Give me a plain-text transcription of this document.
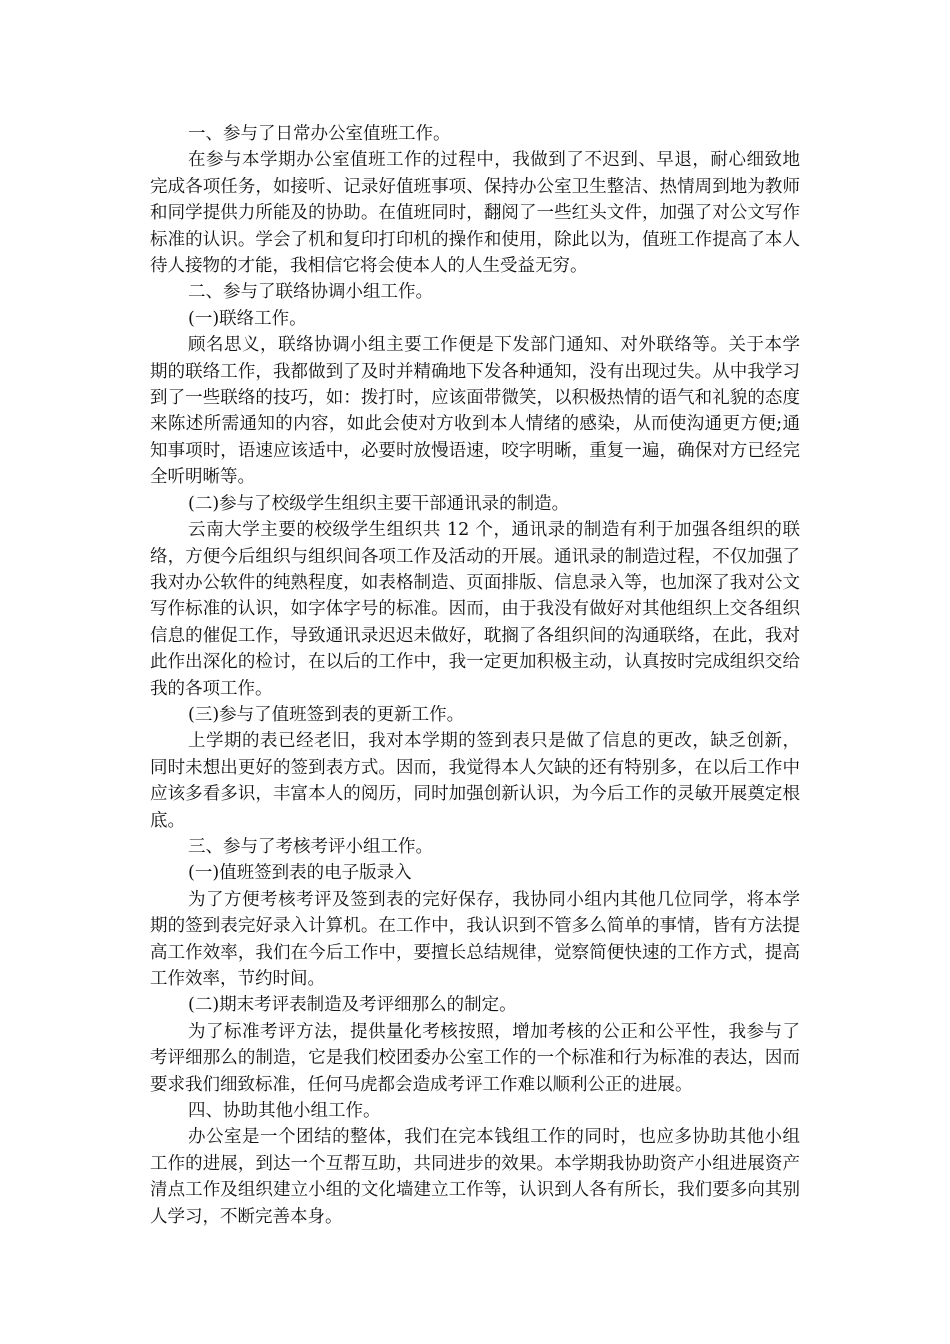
一、参与了日常办公室值班工作。

在参与本学期办公室值班工作的过程中，我做到了不迟到、早退，耐心细致地完成各项任务，如接听、记录好值班事项、保持办公室卫生整洁、热情周到地为教师和同学提供力所能及的协助。在值班同时，翻阅了一些红头文件，加强了对公文写作标准的认识。学会了机和复印打印机的操作和使用，除此以为，值班工作提高了本人待人接物的才能，我相信它将会使本人的人生受益无穷。

二、参与了联络协调小组工作。

(一)联络工作。

顾名思义，联络协调小组主要工作便是下发部门通知、对外联络等。关于本学期的联络工作，我都做到了及时并精确地下发各种通知，没有出现过失。从中我学习到了一些联络的技巧，如：拨打时，应该面带微笑，以积极热情的语气和礼貌的态度来陈述所需通知的内容，如此会使对方收到本人情绪的感染，从而使沟通更方便;通知事项时，语速应该适中，必要时放慢语速，咬字明晰，重复一遍，确保对方已经完全听明晰等。

(二)参与了校级学生组织主要干部通讯录的制造。

云南大学主要的校级学生组织共 12 个，通讯录的制造有利于加强各组织的联络，方便今后组织与组织间各项工作及活动的开展。通讯录的制造过程，不仅加强了我对办公软件的纯熟程度，如表格制造、页面排版、信息录入等，也加深了我对公文写作标准的认识，如字体字号的标准。因而，由于我没有做好对其他组织上交各组织信息的催促工作，导致通讯录迟迟未做好，耽搁了各组织间的沟通联络，在此，我对此作出深化的检讨，在以后的工作中，我一定更加积极主动，认真按时完成组织交给我的各项工作。

(三)参与了值班签到表的更新工作。

上学期的表已经老旧，我对本学期的签到表只是做了信息的更改，缺乏创新，同时未想出更好的签到表方式。因而，我觉得本人欠缺的还有特别多，在以后工作中应该多看多识，丰富本人的阅历，同时加强创新认识，为今后工作的灵敏开展奠定根底。

三、参与了考核考评小组工作。

(一)值班签到表的电子版录入

为了方便考核考评及签到表的完好保存，我协同小组内其他几位同学，将本学期的签到表完好录入计算机。在工作中，我认识到不管多么简单的事情，皆有方法提高工作效率，我们在今后工作中，要擅长总结规律，觉察简便快速的工作方式，提高工作效率，节约时间。

(二)期末考评表制造及考评细那么的制定。

为了标准考评方法，提供量化考核按照，增加考核的公正和公平性，我参与了考评细那么的制造，它是我们校团委办公室工作的一个标准和行为标准的表达，因而要求我们细致标准，任何马虎都会造成考评工作难以顺利公正的进展。

四、协助其他小组工作。

办公室是一个团结的整体，我们在完本钱组工作的同时，也应多协助其他小组工作的进展，到达一个互帮互助，共同进步的效果。本学期我协助资产小组进展资产清点工作及组织建立小组的文化墙建立工作等，认识到人各有所长，我们要多向其别人学习，不断完善本身。
